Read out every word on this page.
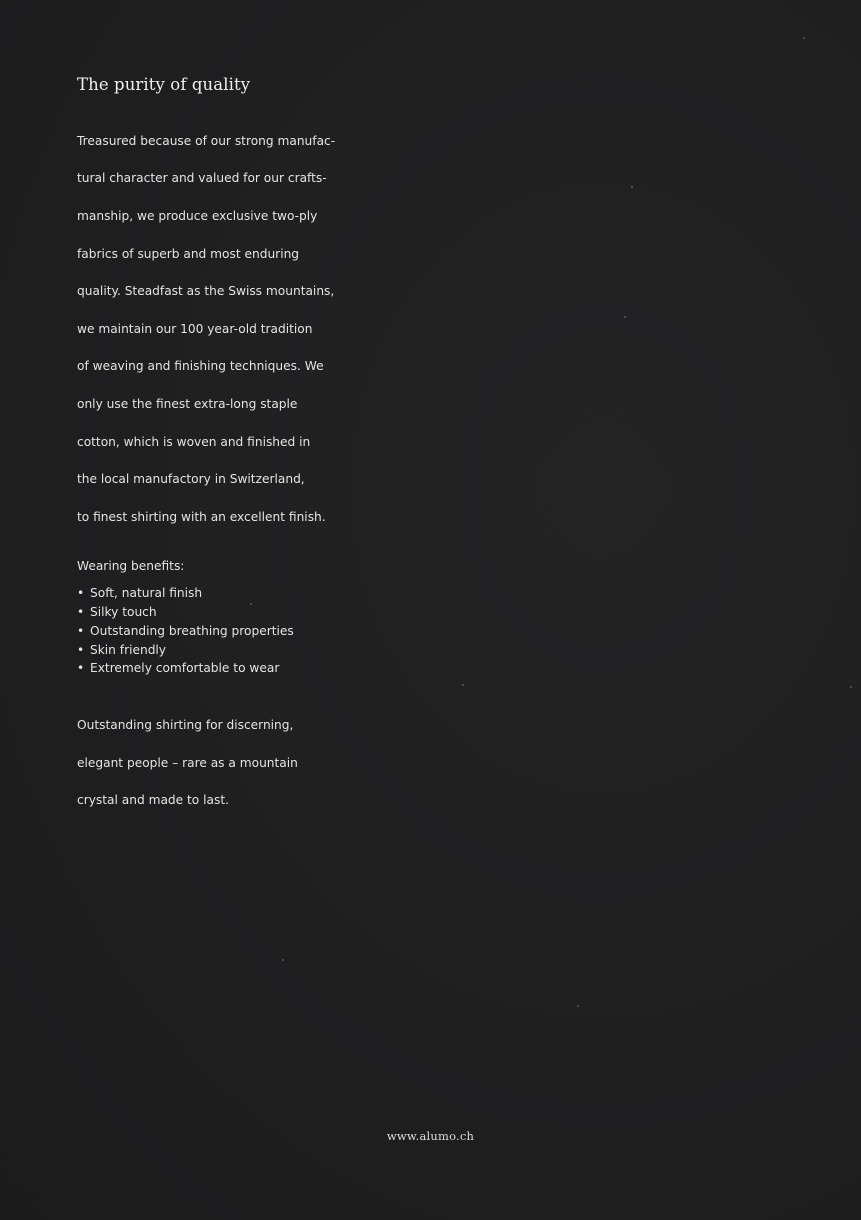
The purity of quality

Treasured because of our strong manufac-

tural character and valued for our crafts-

manship, we produce exclusive two-ply

fabrics of superb and most enduring

quality. Steadfast as the Swiss mountains,

we maintain our 100 year-old tradition

of weaving and finishing techniques. We

only use the finest extra-long staple

cotton, which is woven and finished in

the local manufactory in Switzerland,

to finest shirting with an excellent finish.

Wearing benefits:
• Soft, natural finish
• Silky touch
• Outstanding breathing properties
• Skin friendly
• Extremely comfortable to wear

Outstanding shirting for discerning,

elegant people – rare as a mountain

crystal and made to last.

www.alumo.ch
